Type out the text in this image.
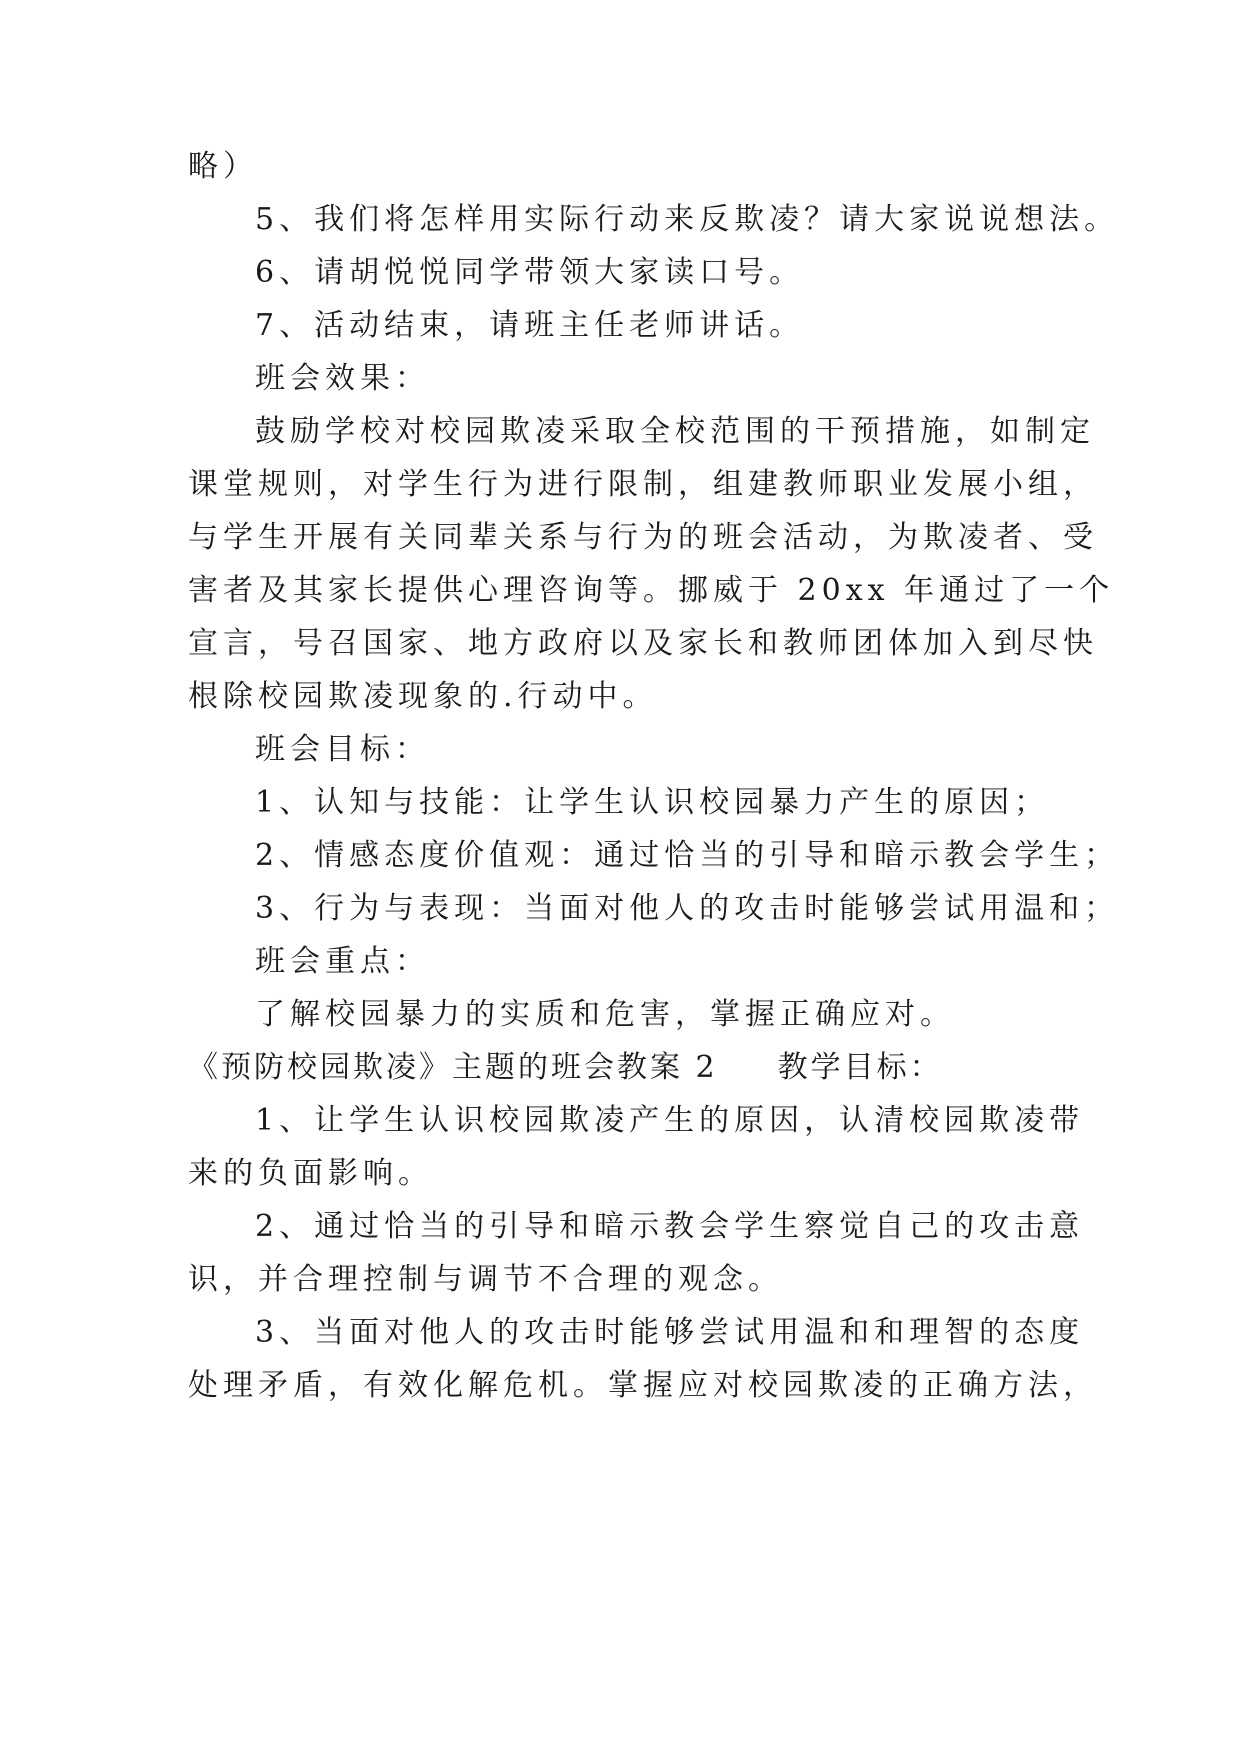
略）
5、我们将怎样用实际行动来反欺凌？请大家说说想法。
6、请胡悦悦同学带领大家读口号。
7、活动结束，请班主任老师讲话。
班会效果：
鼓励学校对校园欺凌采取全校范围的干预措施，如制定
课堂规则，对学生行为进行限制，组建教师职业发展小组，
与学生开展有关同辈关系与行为的班会活动，为欺凌者、受
害者及其家长提供心理咨询等。挪威于 20xx 年通过了一个
宣言，号召国家、地方政府以及家长和教师团体加入到尽快
根除校园欺凌现象的.行动中。
班会目标：
1、认知与技能：让学生认识校园暴力产生的原因；
2、情感态度价值观：通过恰当的引导和暗示教会学生；
3、行为与表现：当面对他人的攻击时能够尝试用温和；
班会重点：
了解校园暴力的实质和危害，掌握正确应对。
《预防校园欺凌》主题的班会教案 2 教学目标：
1、让学生认识校园欺凌产生的原因，认清校园欺凌带
来的负面影响。
2、通过恰当的引导和暗示教会学生察觉自己的攻击意
识，并合理控制与调节不合理的观念。
3、当面对他人的攻击时能够尝试用温和和理智的态度
处理矛盾，有效化解危机。掌握应对校园欺凌的正确方法，
